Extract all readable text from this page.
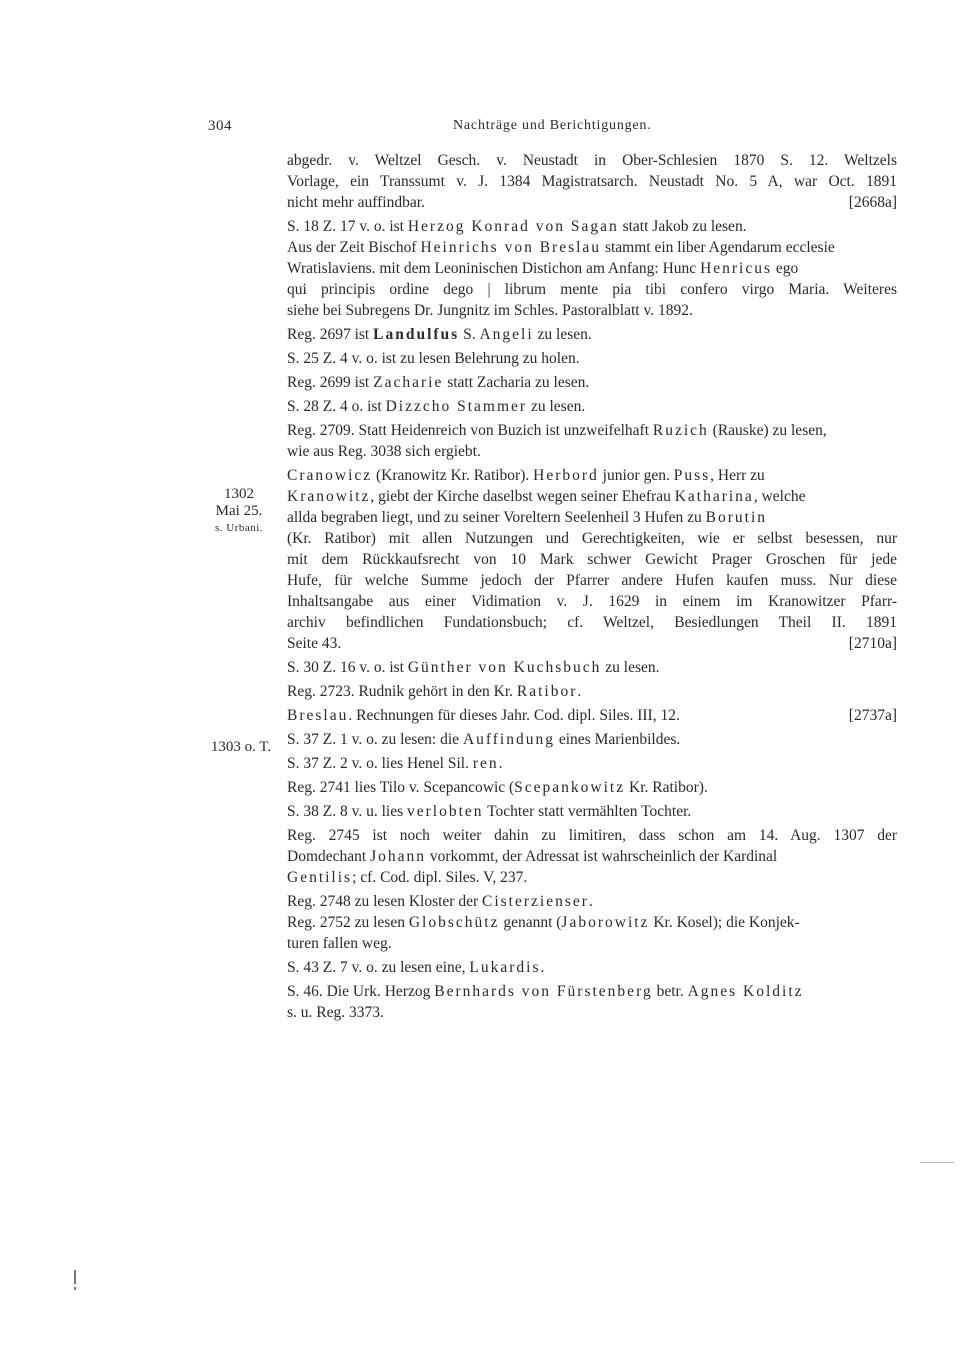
304	Nachträge und Berichtigungen.
1302
Mai 25.
s. Urbani.
1303 o. T.
abgedr. v. Weltzel Gesch. v. Neustadt in Ober-Schlesien 1870 S. 12. Weltzels
Vorlage, ein Transsumt v. J. 1384 Magistratsarch. Neustadt No. 5 A, war Oct. 1891
nicht mehr auffindbar.	[2668a]
S. 18 Z. 17 v. o. ist Herzog Konrad von Sagan statt Jakob zu lesen.
Aus der Zeit Bischof Heinrichs von Breslau stammt ein liber Agendarum ecclesie
Wratislaviens. mit dem Leoninischen Distichon am Anfang: Hunc Henricus ego
qui principis ordine dego | librum mente pia tibi confero virgo Maria. Weiteres
siehe bei Subregens Dr. Jungnitz im Schles. Pastoralblatt v. 1892.
Reg. 2697 ist Landulfus S. Angeli zu lesen.
S. 25 Z. 4 v. o. ist zu lesen Belehrung zu holen.
Reg. 2699 ist Zacharie statt Zacharia zu lesen.
S. 28 Z. 4 o. ist Dizzcho Stammer zu lesen.
Reg. 2709. Statt Heidenreich von Buzich ist unzweifelhaft Ruzich (Rauske) zu lesen,
wie aus Reg. 3038 sich ergiebt.
Cranowicz (Kranowitz Kr. Ratibor). Herbord junior gen. Puss, Herr zu
Kranowitz, giebt der Kirche daselbst wegen seiner Ehefrau Katharina, welche
allda begraben liegt, und zu seiner Voreltern Seelenheil 3 Hufen zu Borutin
(Kr. Ratibor) mit allen Nutzungen und Gerechtigkeiten, wie er selbst besessen, nur
mit dem Rückkaufsrecht von 10 Mark schwer Gewicht Prager Groschen für jede
Hufe, für welche Summe jedoch der Pfarrer andere Hufen kaufen muss. Nur diese
Inhaltsangabe aus einer Vidimation v. J. 1629 in einem im Kranowitzer Pfarr-
archiv befindlichen Fundationsbuch; cf. Weltzel, Besiedlungen Theil II. 1891
Seite 43.	[2710a]
S. 30 Z. 16 v. o. ist Günther von Kuchsbuch zu lesen.
Reg. 2723. Rudnik gehört in den Kr. Ratibor.
Breslau. Rechnungen für dieses Jahr. Cod. dipl. Siles. III, 12.	[2737a]
S. 37 Z. 1 v. o. zu lesen: die Auffindung eines Marienbildes.
S. 37 Z. 2 v. o. lies Henel Sil. ren.
Reg. 2741 lies Tilo v. Scepancowic (Scepankowitz Kr. Ratibor).
S. 38 Z. 8 v. u. lies verlobten Tochter statt vermählten Tochter.
Reg. 2745 ist noch weiter dahin zu limitiren, dass schon am 14. Aug. 1307 der
Domdechant Johann vorkommt, der Adressat ist wahrscheinlich der Kardinal
Gentilis; cf. Cod. dipl. Siles. V, 237.
Reg. 2748 zu lesen Kloster der Cisterzienser.
Reg. 2752 zu lesen Globschütz genannt (Jaborowitz Kr. Kosel); die Konjek-
turen fallen weg.
S. 43 Z. 7 v. o. zu lesen eine, Lukardis.
S. 46. Die Urk. Herzog Bernhards von Fürstenberg betr. Agnes Kolditz
s. u. Reg. 3373.
